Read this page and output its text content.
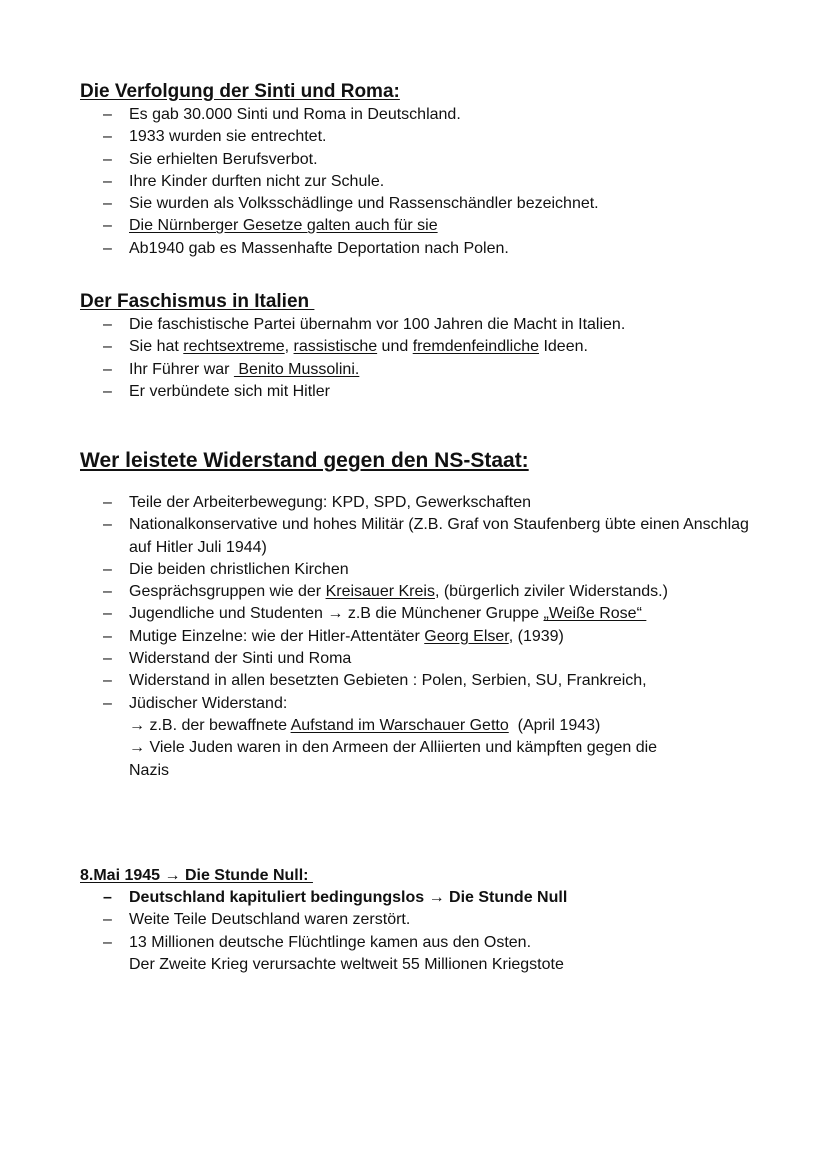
Die Verfolgung der Sinti und Roma:
– Es gab 30.000 Sinti und Roma in Deutschland.
– 1933 wurden sie entrechtet.
– Sie erhielten Berufsverbot.
– Ihre Kinder durften nicht zur Schule.
– Sie wurden als Volksschädlinge und Rassenschändler bezeichnet.
– Die Nürnberger Gesetze galten auch für sie
– Ab1940 gab es Massenhafte Deportation nach Polen.
Der Faschismus in Italien
– Die faschistische Partei übernahm vor 100 Jahren die Macht in Italien.
– Sie hat rechtsextreme, rassistische und fremdenfeindliche Ideen.
– Ihr Führer war  Benito Mussolini.
– Er verbündete sich mit Hitler
Wer leistete Widerstand gegen den NS-Staat:
– Teile der Arbeiterbewegung: KPD, SPD, Gewerkschaften
– Nationalkonservative und hohes Militär (Z.B. Graf von Staufenberg übte einen Anschlag auf Hitler Juli 1944)
– Die beiden christlichen Kirchen
– Gesprächsgruppen wie der Kreisauer Kreis, (bürgerlich ziviler Widerstands.)
– Jugendliche und Studenten → z.B die Münchener Gruppe „Weiße Rose“
– Mutige Einzelne: wie der Hitler-Attentäter Georg Elser, (1939)
– Widerstand der Sinti und Roma
– Widerstand in allen besetzten Gebieten : Polen, Serbien, SU, Frankreich,
– Jüdischer Widerstand:
→ z.B. der bewaffnete Aufstand im Warschauer Getto  (April 1943)
→ Viele Juden waren in den Armeen der Alliierten und kämpften gegen die
Nazis
8.Mai 1945 → Die Stunde Null:
– Deutschland kapituliert bedingungslos → Die Stunde Null
– Weite Teile Deutschland waren zerstört.
– 13 Millionen deutsche Flüchtlinge kamen aus den Osten.
Der Zweite Krieg verursachte weltweit 55 Millionen Kriegstote
